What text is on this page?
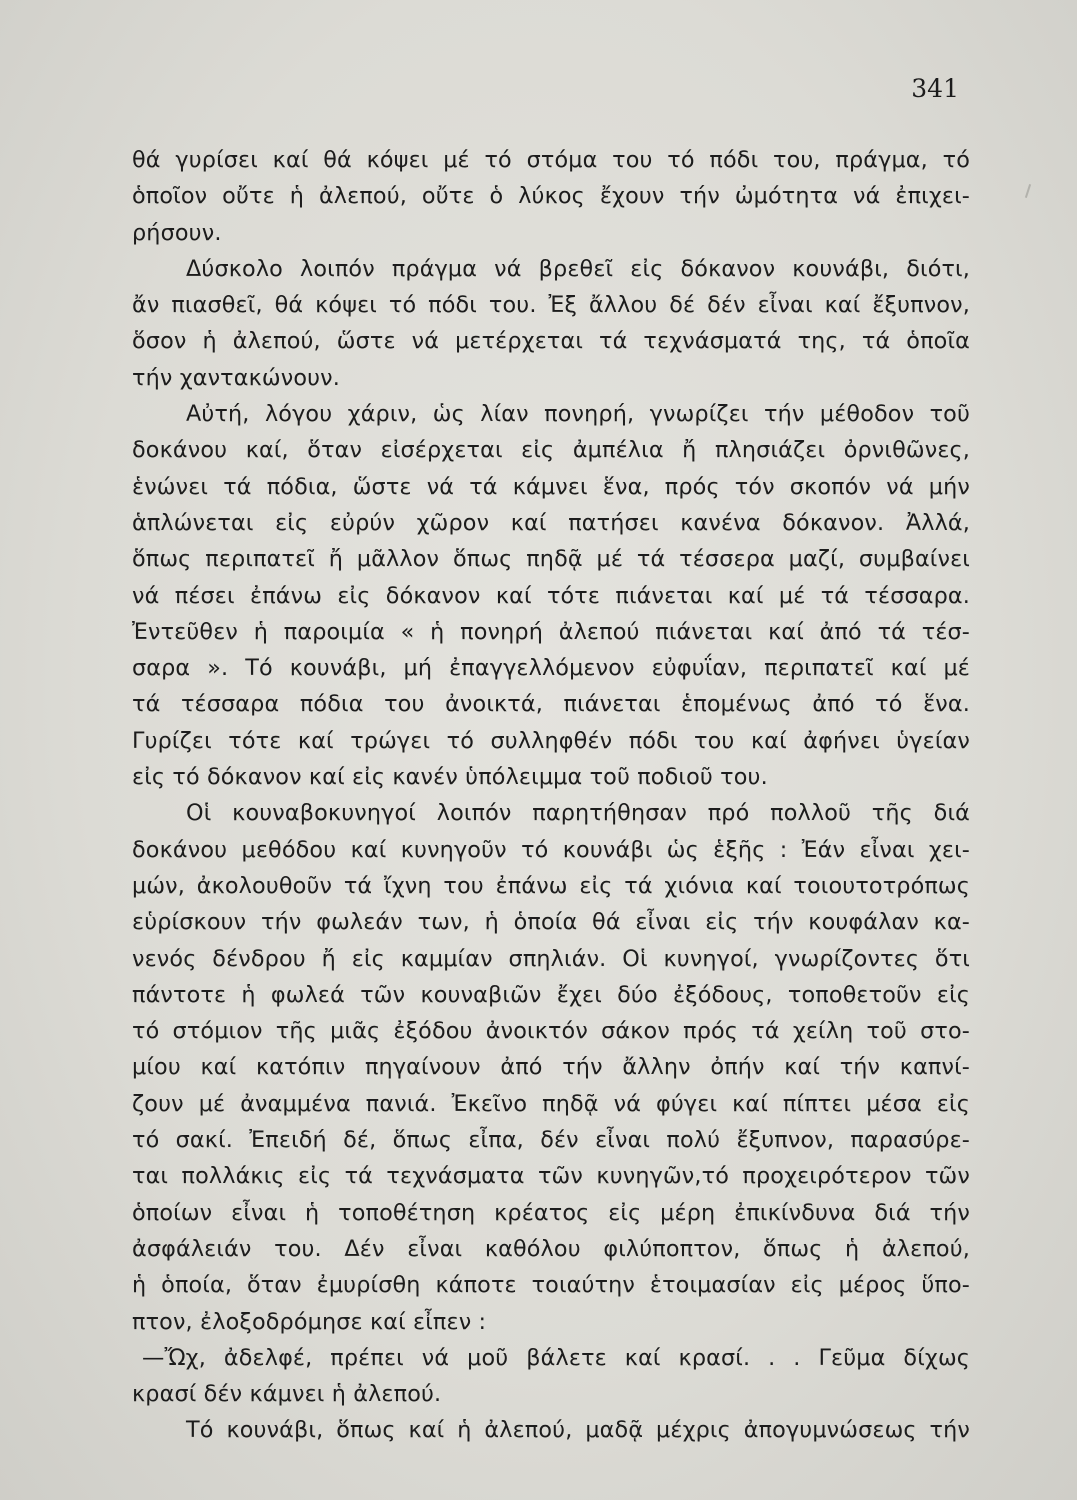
341
θά γυρίσει καί θά κόψει μέ τό στόμα του τό πόδι του, πράγμα, τό
ὁποῖον οὔτε ἡ ἀλεπού, οὔτε ὁ λύκος ἔχουν τήν ὠμότητα νά ἐπιχει-
ρήσουν.
Δύσκολο λοιπόν πράγμα νά βρεθεῖ εἰς δόκανον κουνάβι, διότι,
ἄν πιασθεῖ, θά κόψει τό πόδι του. Ἐξ ἄλλου δέ δέν εἶναι καί ἔξυπνον,
ὅσον ἡ ἀλεπού, ὥστε νά μετέρχεται τά τεχνάσματά της, τά ὁποῖα
τήν χαντακώνουν.
Αὐτή, λόγου χάριν, ὡς λίαν πονηρή, γνωρίζει τήν μέθοδον τοῦ
δοκάνου καί, ὅταν εἰσέρχεται εἰς ἀμπέλια ἤ πλησιάζει ὀρνιθῶνες,
ἑνώνει τά πόδια, ὥστε νά τά κάμνει ἕνα, πρός τόν σκοπόν νά μήν
ἁπλώνεται εἰς εὐρύν χῶρον καί πατήσει κανένα δόκανον. Ἀλλά,
ὅπως περιπατεῖ ἤ μᾶλλον ὅπως πηδᾷ μέ τά τέσσερα μαζί, συμβαίνει
νά πέσει ἐπάνω εἰς δόκανον καί τότε πιάνεται καί μέ τά τέσσαρα.
Ἐντεῦθεν ἡ παροιμία « ἡ πονηρή ἀλεπού πιάνεται καί ἀπό τά τέσ-
σαρα ». Τό κουνάβι, μή ἐπαγγελλόμενον εὐφυΐαν, περιπατεῖ καί μέ
τά τέσσαρα πόδια του ἀνοικτά, πιάνεται ἑπομένως ἀπό τό ἕνα.
Γυρίζει τότε καί τρώγει τό συλληφθέν πόδι του καί ἀφήνει ὑγείαν
εἰς τό δόκανον καί εἰς κανέν ὑπόλειμμα τοῦ ποδιοῦ του.
Οἱ κουναβοκυνηγοί λοιπόν παρητήθησαν πρό πολλοῦ τῆς διά
δοκάνου μεθόδου καί κυνηγοῦν τό κουνάβι ὡς ἑξῆς : Ἐάν εἶναι χει-
μών, ἀκολουθοῦν τά ἴχνη του ἐπάνω εἰς τά χιόνια καί τοιουτοτρόπως
εὑρίσκουν τήν φωλεάν των, ἡ ὁποία θά εἶναι εἰς τήν κουφάλαν κα-
νενός δένδρου ἤ εἰς καμμίαν σπηλιάν. Οἱ κυνηγοί, γνωρίζοντες ὅτι
πάντοτε ἡ φωλεά τῶν κουναβιῶν ἔχει δύο ἐξόδους, τοποθετοῦν εἰς
τό στόμιον τῆς μιᾶς ἐξόδου ἀνοικτόν σάκον πρός τά χείλη τοῦ στο-
μίου καί κατόπιν πηγαίνουν ἀπό τήν ἄλλην ὀπήν καί τήν καπνί-
ζουν μέ ἀναμμένα πανιά. Ἐκεῖνο πηδᾷ νά φύγει καί πίπτει μέσα εἰς
τό σακί. Ἐπειδή δέ, ὅπως εἶπα, δέν εἶναι πολύ ἔξυπνον, παρασύρε-
ται πολλάκις εἰς τά τεχνάσματα τῶν κυνηγῶν,τό προχειρότερον τῶν
ὁποίων εἶναι ἡ τοποθέτηση κρέατος εἰς μέρη ἐπικίνδυνα διά τήν
ἀσφάλειάν του. Δέν εἶναι καθόλου φιλύποπτον, ὅπως ἡ ἀλεπού,
ἡ ὁποία, ὅταν ἐμυρίσθη κάποτε τοιαύτην ἑτοιμασίαν εἰς μέρος ὕπο-
πτον, ἐλοξοδρόμησε καί εἶπεν :
—Ὤχ, ἀδελφέ, πρέπει νά μοῦ βάλετε καί κρασί. . . Γεῦμα δίχως
κρασί δέν κάμνει ἡ ἀλεπού.
Τό κουνάβι, ὅπως καί ἡ ἀλεπού, μαδᾷ μέχρις ἀπογυμνώσεως τήν
